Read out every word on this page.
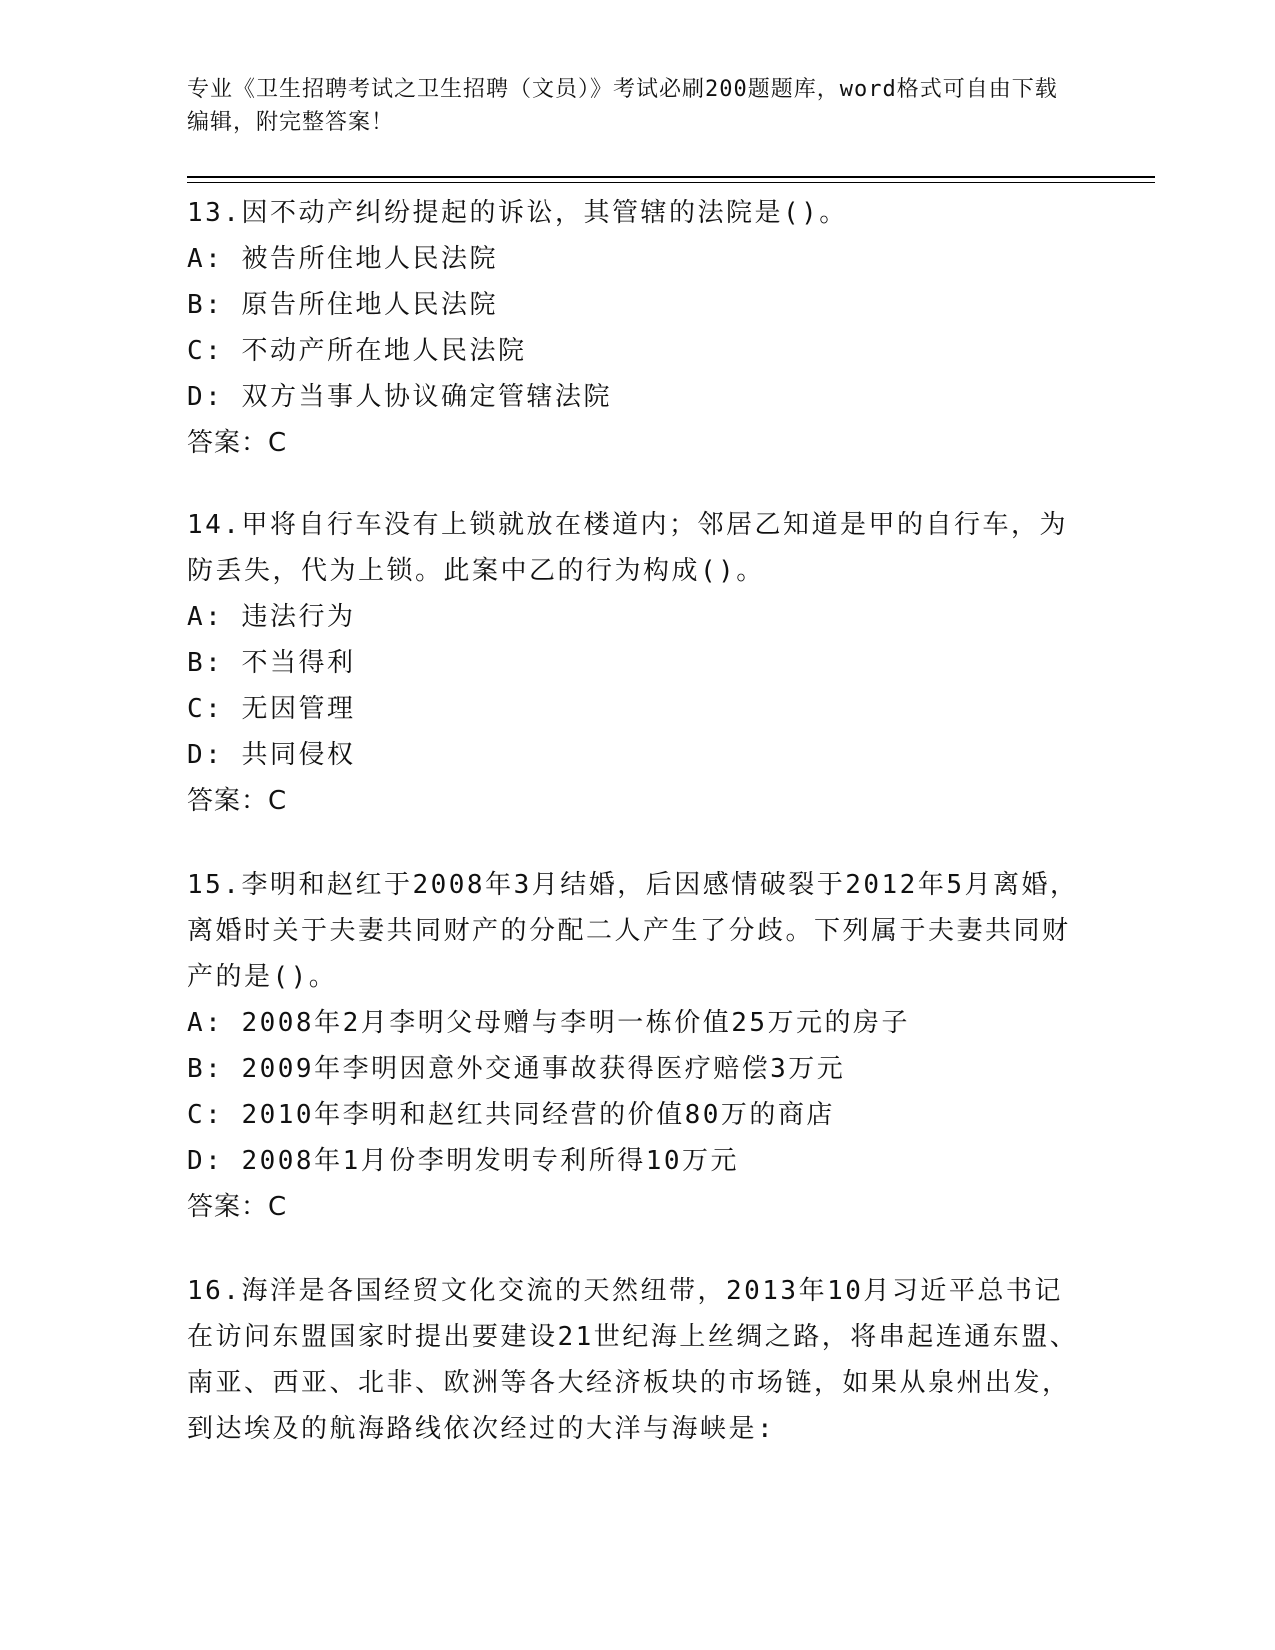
专业《卫生招聘考试之卫生招聘（文员）》考试必刷200题题库，word格式可自由下载编辑，附完整答案！

13.因不动产纠纷提起的诉讼，其管辖的法院是()。

A: 被告所住地人民法院

B: 原告所住地人民法院

C: 不动产所在地人民法院

D: 双方当事人协议确定管辖法院

答案：C

14.甲将自行车没有上锁就放在楼道内；邻居乙知道是甲的自行车，为防丢失，代为上锁。此案中乙的行为构成()。

A: 违法行为

B: 不当得利

C: 无因管理

D: 共同侵权

答案：C

15.李明和赵红于2008年3月结婚，后因感情破裂于2012年5月离婚，离婚时关于夫妻共同财产的分配二人产生了分歧。下列属于夫妻共同财产的是()。

A: 2008年2月李明父母赠与李明一栋价值25万元的房子

B: 2009年李明因意外交通事故获得医疗赔偿3万元

C: 2010年李明和赵红共同经营的价值80万的商店

D: 2008年1月份李明发明专利所得10万元

答案：C

16.海洋是各国经贸文化交流的天然纽带，2013年10月习近平总书记在访问东盟国家时提出要建设21世纪海上丝绸之路，将串起连通东盟、南亚、西亚、北非、欧洲等各大经济板块的市场链，如果从泉州出发，到达埃及的航海路线依次经过的大洋与海峡是:
